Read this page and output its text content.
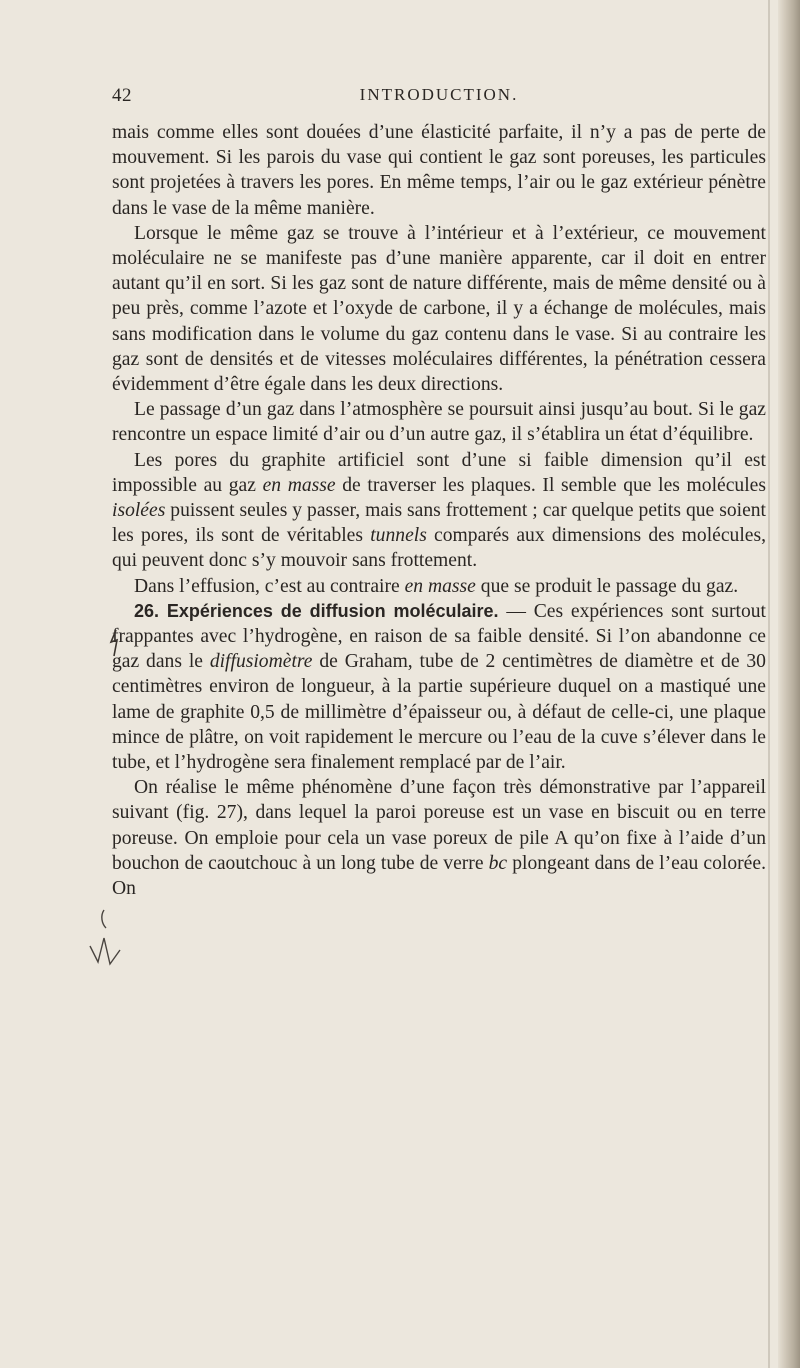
42	INTRODUCTION.

mais comme elles sont douées d’une élasticité parfaite, il n’y a pas de perte de mouvement. Si les parois du vase qui contient le gaz sont poreuses, les particules sont projetées à travers les pores. En même temps, l’air ou le gaz extérieur pénètre dans le vase de la même manière.

Lorsque le même gaz se trouve à l’intérieur et à l’extérieur, ce mouvement moléculaire ne se manifeste pas d’une manière apparente, car il doit en entrer autant qu’il en sort. Si les gaz sont de nature différente, mais de même densité ou à peu près, comme l’azote et l’oxyde de carbone, il y a échange de molécules, mais sans modification dans le volume du gaz contenu dans le vase. Si au contraire les gaz sont de densités et de vitesses moléculaires différentes, la pénétration cessera évidemment d’être égale dans les deux directions.

Le passage d’un gaz dans l’atmosphère se poursuit ainsi jusqu’au bout. Si le gaz rencontre un espace limité d’air ou d’un autre gaz, il s’établira un état d’équilibre.

Les pores du graphite artificiel sont d’une si faible dimension qu’il est impossible au gaz en masse de traverser les plaques. Il semble que les molécules isolées puissent seules y passer, mais sans frottement ; car quelque petits que soient les pores, ils sont de véritables tunnels comparés aux dimensions des molécules, qui peuvent donc s’y mouvoir sans frottement.

Dans l’effusion, c’est au contraire en masse que se produit le passage du gaz.

26. Expériences de diffusion moléculaire. — Ces expériences sont surtout frappantes avec l’hydrogène, en raison de sa faible densité. Si l’on abandonne ce gaz dans le diffusiomètre de Graham, tube de 2 centimètres de diamètre et de 30 centimètres environ de longueur, à la partie supérieure duquel on a mastiqué une lame de graphite 0,5 de millimètre d’épaisseur ou, à défaut de celle-ci, une plaque mince de plâtre, on voit rapidement le mercure ou l’eau de la cuve s’élever dans le tube, et l’hydrogène sera finalement remplacé par de l’air.

On réalise le même phénomène d’une façon très démonstrative par l’appareil suivant (fig. 27), dans lequel la paroi poreuse est un vase en biscuit ou en terre poreuse. On emploie pour cela un vase poreux de pile A qu’on fixe à l’aide d’un bouchon de caoutchouc à un long tube de verre bc plongeant dans de l’eau colorée. On
